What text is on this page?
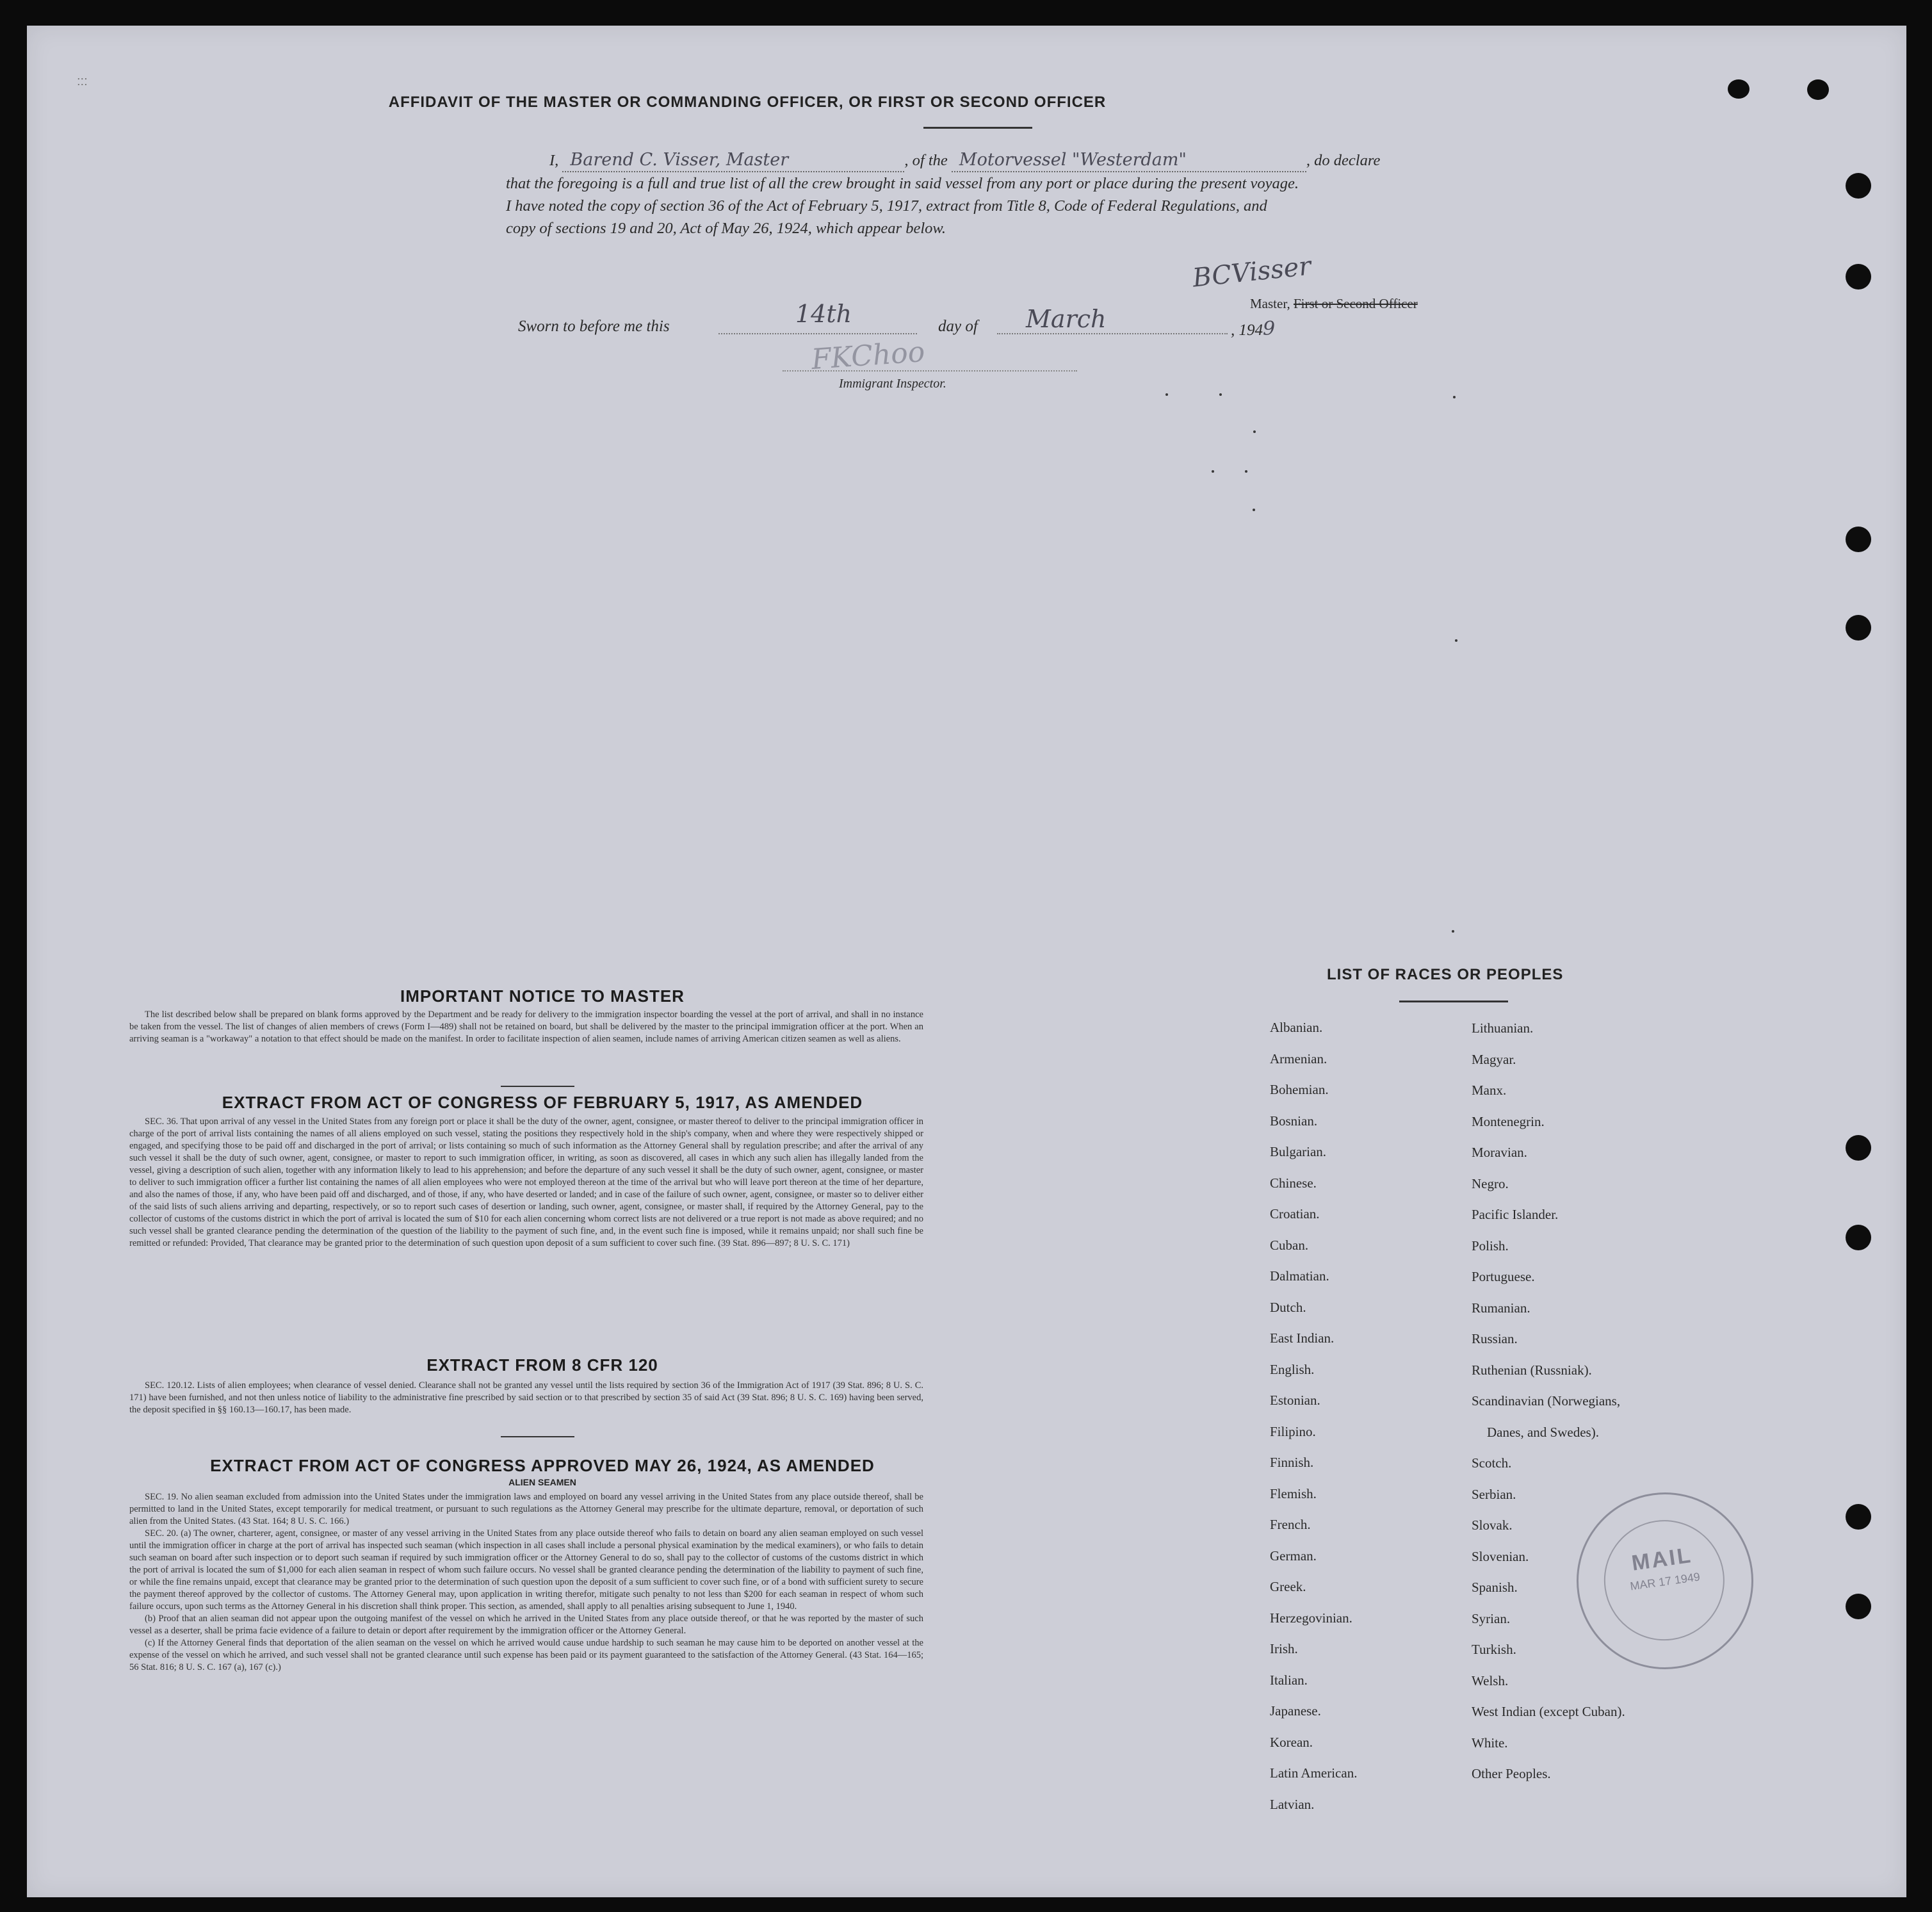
:::
AFFIDAVIT OF THE MASTER OR COMMANDING OFFICER, OR FIRST OR SECOND OFFICER
I, Barend C. Visser, Master	, of the Motorvessel "Westerdam"	, do declare
that the foregoing is a full and true list of all the crew brought in said vessel from any port or place during the present voyage.
I have noted the copy of section 36 of the Act of February 5, 1917, extract from Title 8, Code of Federal Regulations, and
copy of sections 19 and 20, Act of May 26, 1924, which appear below.
BCVisser
Master, First or Second Officer
Sworn to before me this	14th	day of March	, 1949
FKChoo
Immigrant Inspector.
IMPORTANT NOTICE TO MASTER

The list described below shall be prepared on blank forms approved by the Department and be ready for delivery to the immigration inspector boarding the vessel at the port of arrival, and shall in no instance be taken from the vessel. The list of changes of alien members of crews (Form I—489) shall not be retained on board, but shall be delivered by the master to the principal immigration officer at the port. When an arriving seaman is a "workaway" a notation to that effect should be made on the manifest. In order to facilitate inspection of alien seamen, include names of arriving American citizen seamen as well as aliens.

EXTRACT FROM ACT OF CONGRESS OF FEBRUARY 5, 1917, AS AMENDED

SEC. 36. That upon arrival of any vessel in the United States from any foreign port or place it shall be the duty of the owner, agent, consignee, or master thereof to deliver to the principal immigration officer in charge of the port of arrival lists containing the names of all aliens employed on such vessel, stating the positions they respectively hold in the ship's company, when and where they were respectively shipped or engaged, and specifying those to be paid off and discharged in the port of arrival; or lists containing so much of such information as the Attorney General shall by regulation prescribe; and after the arrival of any such vessel it shall be the duty of such owner, agent, consignee, or master to report to such immigration officer, in writing, as soon as discovered, all cases in which any such alien has illegally landed from the vessel, giving a description of such alien, together with any information likely to lead to his apprehension; and before the departure of any such vessel it shall be the duty of such owner, agent, consignee, or master to deliver to such immigration officer a further list containing the names of all alien employees who were not employed thereon at the time of the arrival but who will leave port thereon at the time of her departure, and also the names of those, if any, who have been paid off and discharged, and of those, if any, who have deserted or landed; and in case of the failure of such owner, agent, consignee, or master so to deliver either of the said lists of such aliens arriving and departing, respectively, or so to report such cases of desertion or landing, such owner, agent, consignee, or master shall, if required by the Attorney General, pay to the collector of customs of the customs district in which the port of arrival is located the sum of $10 for each alien concerning whom correct lists are not delivered or a true report is not made as above required; and no such vessel shall be granted clearance pending the determination of the question of the liability to the payment of such fine, and, in the event such fine is imposed, while it remains unpaid; nor shall such fine be remitted or refunded: Provided, That clearance may be granted prior to the determination of such question upon deposit of a sum sufficient to cover such fine. (39 Stat. 896—897; 8 U. S. C. 171)

EXTRACT FROM 8 CFR 120

SEC. 120.12. Lists of alien employees; when clearance of vessel denied. Clearance shall not be granted any vessel until the lists required by section 36 of the Immigration Act of 1917 (39 Stat. 896; 8 U. S. C. 171) have been furnished, and not then unless notice of liability to the administrative fine prescribed by said section or to that prescribed by section 35 of said Act (39 Stat. 896; 8 U. S. C. 169) having been served, the deposit specified in §§ 160.13—160.17, has been made.

EXTRACT FROM ACT OF CONGRESS APPROVED MAY 26, 1924, AS AMENDED
ALIEN SEAMEN

SEC. 19. No alien seaman excluded from admission into the United States under the immigration laws and employed on board any vessel arriving in the United States from any place outside thereof, shall be permitted to land in the United States, except temporarily for medical treatment, or pursuant to such regulations as the Attorney General may prescribe for the ultimate departure, removal, or deportation of such alien from the United States. (43 Stat. 164; 8 U. S. C. 166.)

SEC. 20. (a) The owner, charterer, agent, consignee, or master of any vessel arriving in the United States from any place outside thereof who fails to detain on board any alien seaman employed on such vessel until the immigration officer in charge at the port of arrival has inspected such seaman (which inspection in all cases shall include a personal physical examination by the medical examiners), or who fails to detain such seaman on board after such inspection or to deport such seaman if required by such immigration officer or the Attorney General to do so, shall pay to the collector of customs of the customs district in which the port of arrival is located the sum of $1,000 for each alien seaman in respect of whom such failure occurs. No vessel shall be granted clearance pending the determination of the liability to payment of such fine, or while the fine remains unpaid, except that clearance may be granted prior to the determination of such question upon the deposit of a sum sufficient to cover such fine, or of a bond with sufficient surety to secure the payment thereof approved by the collector of customs. The Attorney General may, upon application in writing therefor, mitigate such penalty to not less than $200 for each seaman in respect of whom such failure occurs, upon such terms as the Attorney General in his discretion shall think proper. This section, as amended, shall apply to all penalties arising subsequent to June 1, 1940.

(b) Proof that an alien seaman did not appear upon the outgoing manifest of the vessel on which he arrived in the United States from any place outside thereof, or that he was reported by the master of such vessel as a deserter, shall be prima facie evidence of a failure to detain or deport after requirement by the immigration officer or the Attorney General.

(c) If the Attorney General finds that deportation of the alien seaman on the vessel on which he arrived would cause undue hardship to such seaman he may cause him to be deported on another vessel at the expense of the vessel on which he arrived, and such vessel shall not be granted clearance until such expense has been paid or its payment guaranteed to the satisfaction of the Attorney General. (43 Stat. 164—165; 56 Stat. 816; 8 U. S. C. 167 (a), 167 (c).)

LIST OF RACES OR PEOPLES
Albanian.
Armenian.
Bohemian.
Bosnian.
Bulgarian.
Chinese.
Croatian.
Cuban.
Dalmatian.
Dutch.
East Indian.
English.
Estonian.
Filipino.
Finnish.
Flemish.
French.
German.
Greek.
Herzegovinian.
Irish.
Italian.
Japanese.
Korean.
Latin American.
Latvian.
Lithuanian.
Magyar.
Manx.
Montenegrin.
Moravian.
Negro.
Pacific Islander.
Polish.
Portuguese.
Rumanian.
Russian.
Ruthenian (Russniak).
Scandinavian (Norwegians,
Danes, and Swedes).
Scotch.
Serbian.
Slovak.
Slovenian.
Spanish.
Syrian.
Turkish.
Welsh.
West Indian (except Cuban).
White.
Other Peoples.
MAIL
MAR 17 1949
